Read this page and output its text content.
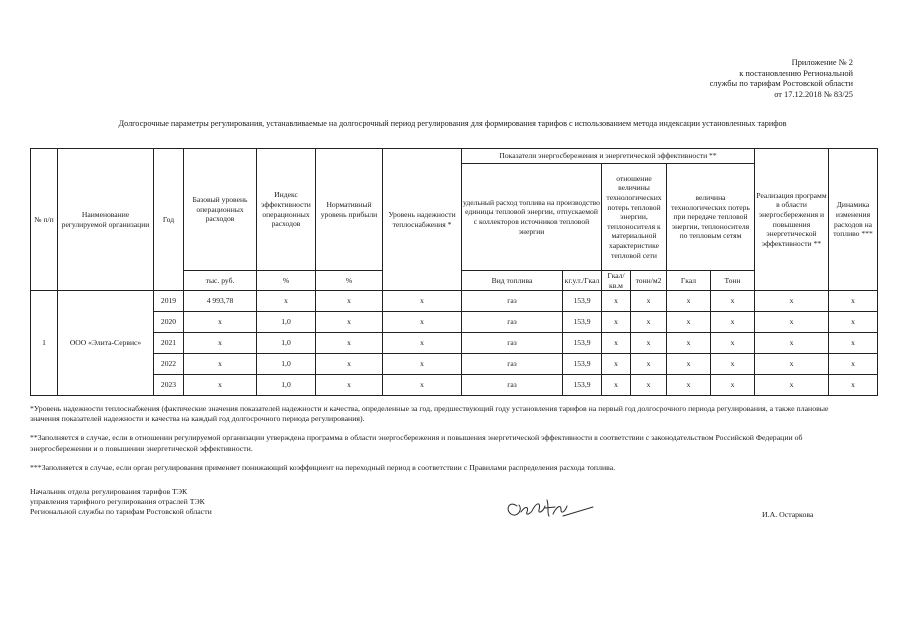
Приложение № 2
к постановлению Региональной
службы по тарифам Ростовской области
от 17.12.2018 № 83/25
Долгосрочные параметры регулирования, устанавливаемые на долгосрочный период регулирования для формирования тарифов с использованием метода индексации установленных тарифов
№ п/п	Наименование регулируемой организации	Год	Базовый уровень операционных расходов	Индекс эффективности операционных расходов	Нормативный уровень прибыли	Уровень надежности теплоснабжения *	Показатели энергосбережения и энергетической эффективности **						Реализация программ в области энергосбережения и повышения энергетической эффективности **	Динамика изменения расходов на топливо ***
							удельный расход топлива на производство единицы тепловой энергии, отпускаемой с коллекторов источников тепловой энергии		отношение величины технологических потерь тепловой энергии, теплоносителя к материальной характеристике тепловой сети		величина технологических потерь при передаче тепловой энергии, теплоносителя по тепловым сетям			
			тыс. руб.	%	%		Вид топлива	кг.у.т./Гкал	Гкал/ кв.м	тонн/м2	Гкал	Тонн		
1	ООО «Элита-Сервис»	2019	4 993,78	x	x	x	газ	153,9	x	x	x	x	x	x
		2020	x	1,0	x	x	газ	153,9	x	x	x	x	x	x
		2021	x	1,0	x	x	газ	153,9	x	x	x	x	x	x
		2022	x	1,0	x	x	газ	153,9	x	x	x	x	x	x
		2023	x	1,0	x	x	газ	153,9	x	x	x	x	x	x

*Уровень надежности теплоснабжения (фактические значения показателей надежности и качества, определенные за год, предшествующий году установления тарифов на первый год долгосрочного периода регулирования, а также плановые значения показателей надежности и качества на каждый год долгосрочного периода регулирования).

**Заполняется в случае, если в отношении регулируемой организации утверждена программа в области энергосбережения и повышения энергетической эффективности в соответствии с законодательством Российской Федерации об энергосбережении и о повышении энергетической эффективности.

***Заполняется в случае, если орган регулирования применяет понижающий коэффициент на переходный период в соответствии с Правилами распределения расхода топлива.

Начальник отдела регулирования тарифов ТЭК
управления тарифного регулирования отраслей ТЭК
Региональной службы по тарифам Ростовской области	И.А. Остаркова
